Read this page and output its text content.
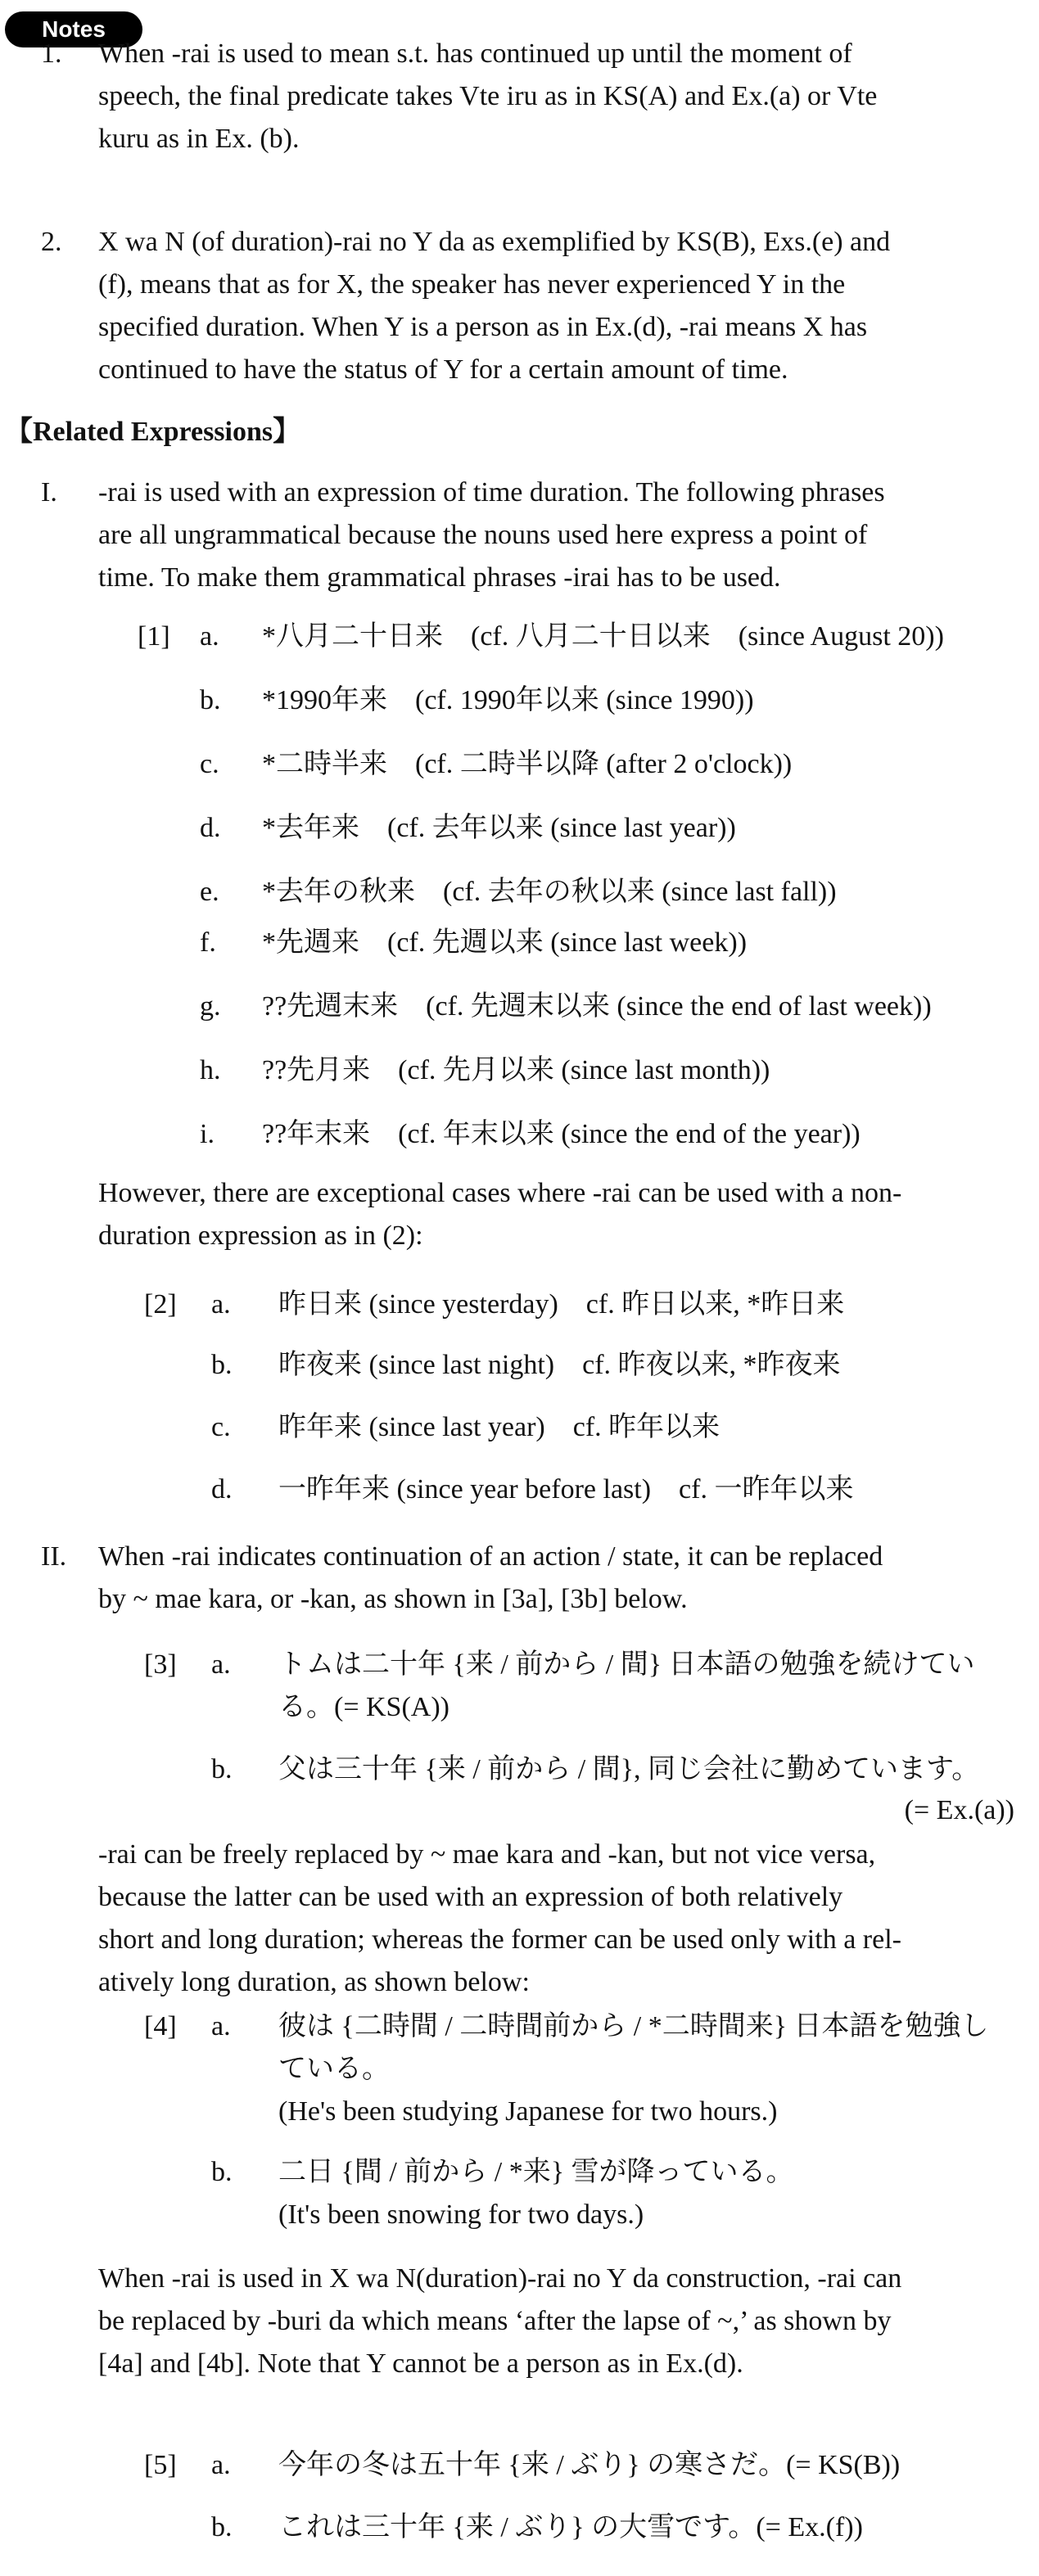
Notes
1. When -rai is used to mean s.t. has continued up until the moment of
speech, the final predicate takes Vte iru as in KS(A) and Ex.(a) or Vte
kuru as in Ex. (b).
2. X wa N (of duration)-rai no Y da as exemplified by KS(B), Exs.(e) and
(f), means that as for X, the speaker has never experienced Y in the
specified duration. When Y is a person as in Ex.(d), -rai means X has
continued to have the status of Y for a certain amount of time.
【Related Expressions】
I. -rai is used with an expression of time duration. The following phrases
are all ungrammatical because the nouns used here express a point of
time. To make them grammatical phrases -irai has to be used.
[1] a. *八月二十日来　(cf. 八月二十日以来　(since August 20))
b. *1990年来　(cf. 1990年以来 (since 1990))
c. *二時半来　(cf. 二時半以降 (after 2 o'clock))
d. *去年来　(cf. 去年以来 (since last year))
e. *去年の秋来　(cf. 去年の秋以来 (since last fall))
f. *先週来　(cf. 先週以来 (since last week))
g. ??先週末来　(cf. 先週末以来 (since the end of last week))
h. ??先月来　(cf. 先月以来 (since last month))
i. ??年末来　(cf. 年末以来 (since the end of the year))
However, there are exceptional cases where -rai can be used with a non-
duration expression as in (2):
[2] a. 昨日来 (since yesterday)　cf. 昨日以来, *昨日来
b. 昨夜来 (since last night)　cf. 昨夜以来, *昨夜来
c. 昨年来 (since last year)　cf. 昨年以来
d. 一昨年来 (since year before last)　cf. 一昨年以来
II. When -rai indicates continuation of an action / state, it can be replaced
by ~ mae kara, or -kan, as shown in [3a], [3b] below.
[3] a. トムは二十年 {来 / 前から / 間} 日本語の勉強を続けてい
る。(= KS(A))
b. 父は三十年 {来 / 前から / 間}, 同じ会社に勤めています。
(= Ex.(a))
-rai can be freely replaced by ~ mae kara and -kan, but not vice versa,
because the latter can be used with an expression of both relatively
short and long duration; whereas the former can be used only with a rel-
atively long duration, as shown below:
[4] a. 彼は {二時間 / 二時間前から / *二時間来} 日本語を勉強し
ている。
(He's been studying Japanese for two hours.)
b. 二日 {間 / 前から / *来} 雪が降っている。
(It's been snowing for two days.)
When -rai is used in X wa N(duration)-rai no Y da construction, -rai can
be replaced by -buri da which means ‘after the lapse of ~,’ as shown by
[4a] and [4b]. Note that Y cannot be a person as in Ex.(d).
[5] a. 今年の冬は五十年 {来 / ぶり} の寒さだ。(= KS(B))
b. これは三十年 {来 / ぶり} の大雪です。(= Ex.(f))
